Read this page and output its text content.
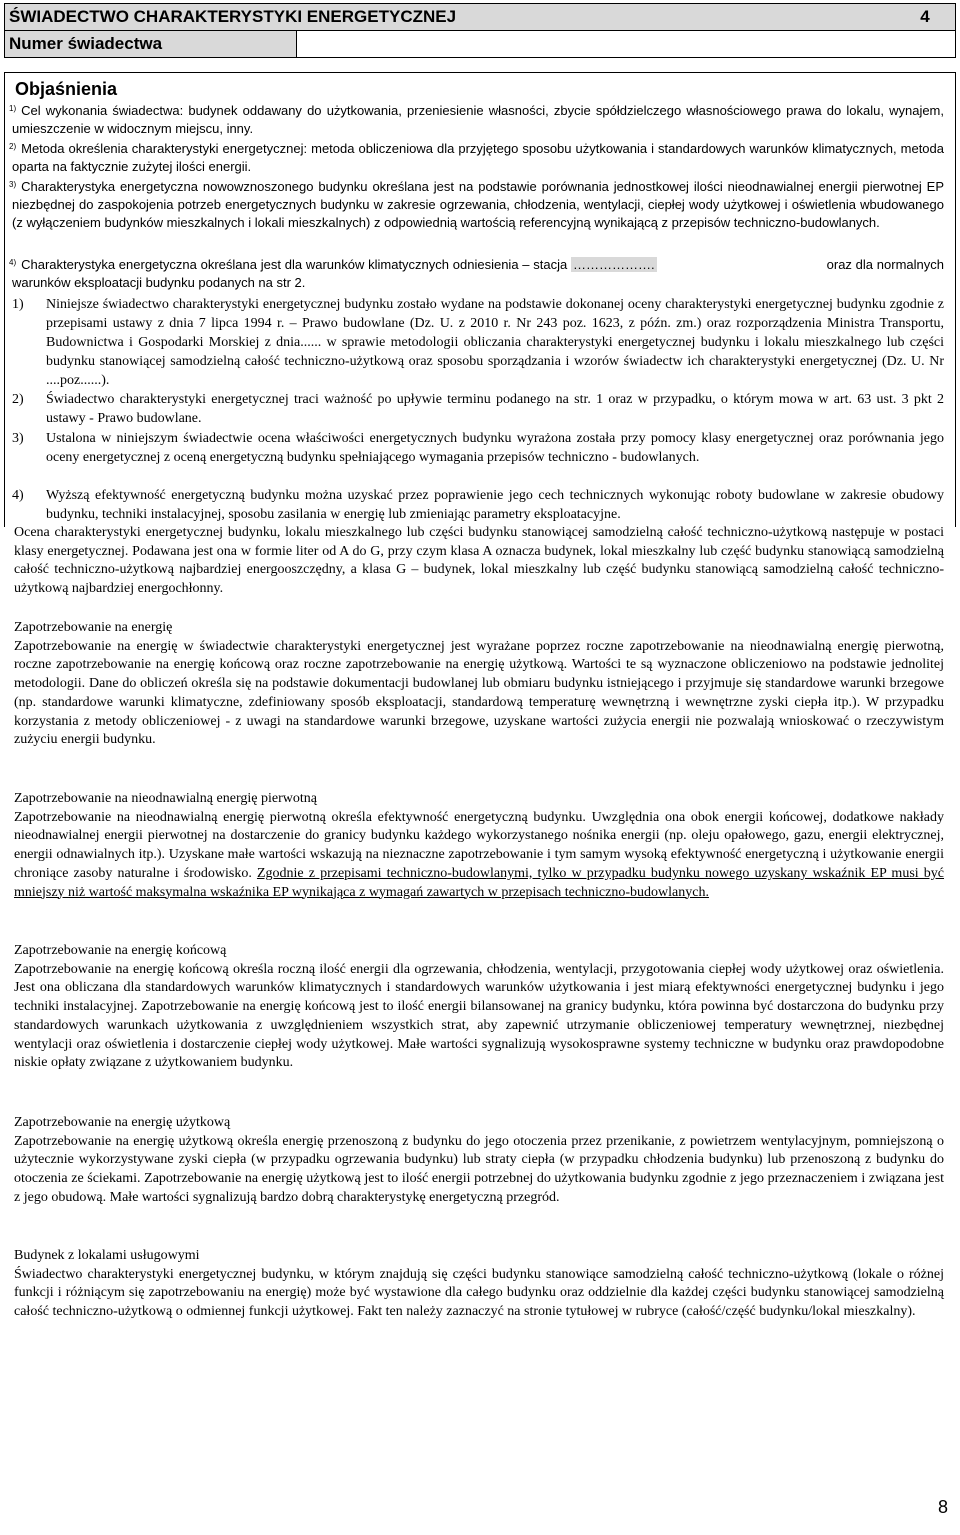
ŚWIADECTWO CHARAKTERYSTYKI ENERGETYCZNEJ	4
Numer świadectwa
Objaśnienia
$^{1)}$ Cel wykonania świadectwa: budynek oddawany do użytkowania, przeniesienie własności, zbycie spółdzielczego własnościowego prawa do lokalu, wynajem, umieszczenie w widocznym miejscu, inny.
$^{2)}$ Metoda określenia charakterystyki energetycznej: metoda obliczeniowa dla przyjętego sposobu użytkowania i standardowych warunków klimatycznych, metoda oparta na faktycznie zużytej ilości energii.
$^{3)}$ Charakterystyka energetyczna nowowznoszonego budynku określana jest na podstawie porównania jednostkowej ilości nieodnawialnej energii pierwotnej EP niezbędnej do zaspokojenia potrzeb energetycznych budynku w zakresie ogrzewania, chłodzenia, wentylacji, ciepłej wody użytkowej i oświetlenia wbudowanego (z wyłączeniem budynków mieszkalnych i lokali mieszkalnych) z odpowiednią wartością referencyjną wynikającą z przepisów techniczno-budowlanych.
$^{4)}$ Charakterystyka energetyczna określana jest dla warunków klimatycznych odniesienia – stacja ……………….	oraz dla normalnych warunków eksploatacji budynku podanych na str 2.
1)	Niniejsze świadectwo charakterystyki energetycznej budynku zostało wydane na podstawie dokonanej oceny charakterystyki energetycznej budynku zgodnie z przepisami ustawy z dnia 7 lipca 1994 r. – Prawo budowlane (Dz. U. z 2010 r. Nr 243 poz. 1623, z późn. zm.) oraz rozporządzenia Ministra Transportu, Budownictwa i Gospodarki Morskiej z dnia...... w sprawie metodologii obliczania charakterystyki energetycznej budynku i lokalu mieszkalnego lub części budynku stanowiącej samodzielną całość techniczno-użytkową oraz sposobu sporządzania i wzorów świadectw ich charakterystyki energetycznej (Dz. U. Nr ....poz......).
2)	Świadectwo charakterystyki energetycznej traci ważność po upływie terminu podanego na str. 1 oraz w przypadku, o którym mowa w art. 63 ust. 3 pkt 2 ustawy - Prawo budowlane.
3)	Ustalona w niniejszym świadectwie ocena właściwości energetycznych budynku wyrażona została przy pomocy klasy energetycznej oraz porównania jego oceny energetycznej z oceną energetyczną budynku spełniającego wymagania przepisów techniczno - budowlanych.
4)	Wyższą efektywność energetyczną budynku można uzyskać przez poprawienie jego cech technicznych wykonując roboty budowlane w zakresie obudowy budynku, techniki instalacyjnej, sposobu zasilania w energię lub zmieniając parametry eksploatacyjne.

Ocena charakterystyki energetycznej budynku, lokalu mieszkalnego lub części budynku stanowiącej samodzielną całość techniczno-użytkową następuje w postaci klasy energetycznej. Podawana jest ona w formie liter od A do G, przy czym klasa A oznacza budynek, lokal mieszkalny lub część budynku stanowiącą samodzielną całość techniczno-użytkową najbardziej energooszczędny, a klasa G – budynek, lokal mieszkalny lub część budynku stanowiącą samodzielną całość techniczno-użytkową najbardziej energochłonny.

Zapotrzebowanie na energię
Zapotrzebowanie na energię w świadectwie charakterystyki energetycznej jest wyrażane poprzez roczne zapotrzebowanie na nieodnawialną energię pierwotną, roczne zapotrzebowanie na energię końcową oraz roczne zapotrzebowanie na energię użytkową. Wartości te są wyznaczone obliczeniowo na podstawie jednolitej metodologii. Dane do obliczeń określa się na podstawie dokumentacji budowlanej lub obmiaru budynku istniejącego i przyjmuje się standardowe warunki brzegowe (np. standardowe warunki klimatyczne, zdefiniowany sposób eksploatacji, standardową temperaturę wewnętrzną i wewnętrzne zyski ciepła itp.). W przypadku korzystania z metody obliczeniowej - z uwagi na standardowe warunki brzegowe, uzyskane wartości zużycia energii nie pozwalają wnioskować o rzeczywistym zużyciu energii budynku.
Zapotrzebowanie na nieodnawialną energię pierwotną
Zapotrzebowanie na nieodnawialną energię pierwotną określa efektywność energetyczną budynku. Uwzględnia ona obok energii końcowej, dodatkowe nakłady nieodnawialnej energii pierwotnej na dostarczenie do granicy budynku każdego wykorzystanego nośnika energii (np. oleju opałowego, gazu, energii elektrycznej, energii odnawialnych itp.). Uzyskane małe wartości wskazują na nieznaczne zapotrzebowanie i tym samym wysoką efektywność energetyczną i użytkowanie energii chroniące zasoby naturalne i środowisko. Zgodnie z przepisami techniczno-budowlanymi, tylko w przypadku budynku nowego uzyskany wskaźnik EP musi być mniejszy niż wartość maksymalna wskaźnika EP wynikająca z wymagań zawartych w przepisach techniczno-budowlanych.
Zapotrzebowanie na energię końcową
Zapotrzebowanie na energię końcową określa roczną ilość energii dla ogrzewania, chłodzenia, wentylacji, przygotowania ciepłej wody użytkowej oraz oświetlenia. Jest ona obliczana dla standardowych warunków klimatycznych i standardowych warunków użytkowania i jest miarą efektywności energetycznej budynku i jego techniki instalacyjnej. Zapotrzebowanie na energię końcową jest to ilość energii bilansowanej na granicy budynku, która powinna być dostarczona do budynku przy standardowych warunkach użytkowania z uwzględnieniem wszystkich strat, aby zapewnić utrzymanie obliczeniowej temperatury wewnętrznej, niezbędnej wentylacji oraz oświetlenia i dostarczenie ciepłej wody użytkowej. Małe wartości sygnalizują wysokosprawne systemy techniczne w budynku oraz prawdopodobne niskie opłaty związane z użytkowaniem budynku.
Zapotrzebowanie na energię użytkową
Zapotrzebowanie na energię użytkową określa energię przenoszoną z budynku do jego otoczenia przez przenikanie, z powietrzem wentylacyjnym, pomniejszoną o użytecznie wykorzystywane zyski ciepła (w przypadku ogrzewania budynku) lub straty ciepła (w przypadku chłodzenia budynku) lub przenoszoną z budynku do otoczenia ze ściekami. Zapotrzebowanie na energię użytkową jest to ilość energii potrzebnej do użytkowania budynku zgodnie z jego przeznaczeniem i związana jest z jego obudową. Małe wartości sygnalizują bardzo dobrą charakterystykę energetyczną przegród.
Budynek z lokalami usługowymi
Świadectwo charakterystyki energetycznej budynku, w którym znajdują się części budynku stanowiące samodzielną całość techniczno-użytkową (lokale o różnej funkcji i różniącym się zapotrzebowaniu na energię) może być wystawione dla całego budynku oraz oddzielnie dla każdej części budynku stanowiącej samodzielną całość techniczno-użytkową o odmiennej funkcji użytkowej. Fakt ten należy zaznaczyć na stronie tytułowej w rubryce (całość/część budynku/lokal mieszkalny).
8
